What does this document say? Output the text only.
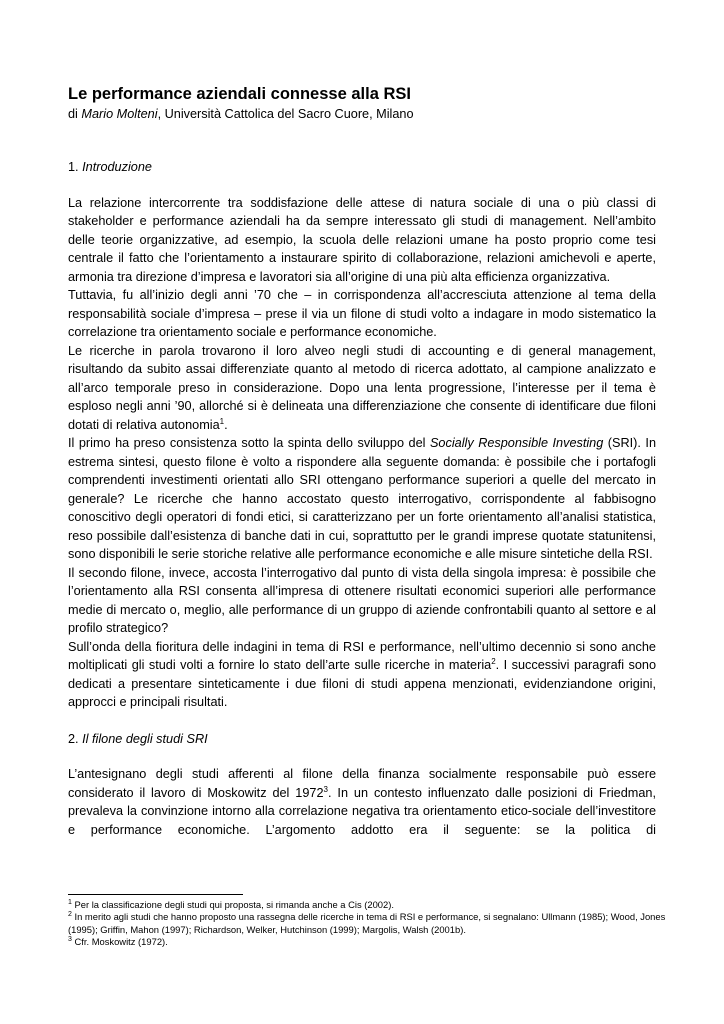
Le performance aziendali connesse alla RSI

di Mario Molteni, Università Cattolica del Sacro Cuore, Milano

1. Introduzione

La relazione intercorrente tra soddisfazione delle attese di natura sociale di una o più classi di stakeholder e performance aziendali ha da sempre interessato gli studi di management. Nell’ambito delle teorie organizzative, ad esempio, la scuola delle relazioni umane ha posto proprio come tesi centrale il fatto che l’orientamento a instaurare spirito di collaborazione, relazioni amichevoli e aperte, armonia tra direzione d’impresa e lavoratori sia all’origine di una più alta efficienza organizzativa.

Tuttavia, fu all’inizio degli anni ’70 che – in corrispondenza all’accresciuta attenzione al tema della responsabilità sociale d’impresa – prese il via un filone di studi volto a indagare in modo sistematico la correlazione tra orientamento sociale e performance economiche.

Le ricerche in parola trovarono il loro alveo negli studi di accounting e di general management, risultando da subito assai differenziate quanto al metodo di ricerca adottato, al campione analizzato e all’arco temporale preso in considerazione. Dopo una lenta progressione, l’interesse per il tema è esploso negli anni ’90, allorché si è delineata una differenziazione che consente di identificare due filoni dotati di relativa autonomia$^1$.

Il primo ha preso consistenza sotto la spinta dello sviluppo del Socially Responsible Investing (SRI). In estrema sintesi, questo filone è volto a rispondere alla seguente domanda: è possibile che i portafogli comprendenti investimenti orientati allo SRI ottengano performance superiori a quelle del mercato in generale? Le ricerche che hanno accostato questo interrogativo, corrispondente al fabbisogno conoscitivo degli operatori di fondi etici, si caratterizzano per un forte orientamento all’analisi statistica, reso possibile dall’esistenza di banche dati in cui, soprattutto per le grandi imprese quotate statunitensi, sono disponibili le serie storiche relative alle performance economiche e alle misure sintetiche della RSI.

Il secondo filone, invece, accosta l’interrogativo dal punto di vista della singola impresa: è possibile che l’orientamento alla RSI consenta all’impresa di ottenere risultati economici superiori alle performance medie di mercato o, meglio, alle performance di un gruppo di aziende confrontabili quanto al settore e al profilo strategico?

Sull’onda della fioritura delle indagini in tema di RSI e performance, nell’ultimo decennio si sono anche moltiplicati gli studi volti a fornire lo stato dell’arte sulle ricerche in materia$^2$. I successivi paragrafi sono dedicati a presentare sinteticamente i due filoni di studi appena menzionati, evidenziandone origini, approcci e principali risultati.

2. Il filone degli studi SRI

L’antesignano degli studi afferenti al filone della finanza socialmente responsabile può essere considerato il lavoro di Moskowitz del 1972$^3$. In un contesto influenzato dalle posizioni di Friedman, prevaleva la convinzione intorno alla correlazione negativa tra orientamento etico-sociale dell’investitore e performance economiche. L’argomento addotto era il seguente: se la politica di

$^1$ Per la classificazione degli studi qui proposta, si rimanda anche a Cis (2002).

$^2$ In merito agli studi che hanno proposto una rassegna delle ricerche in tema di RSI e performance, si segnalano: Ullmann (1985); Wood, Jones (1995); Griffin, Mahon (1997); Richardson, Welker, Hutchinson (1999); Margolis, Walsh (2001b).

$^3$ Cfr. Moskowitz (1972).
